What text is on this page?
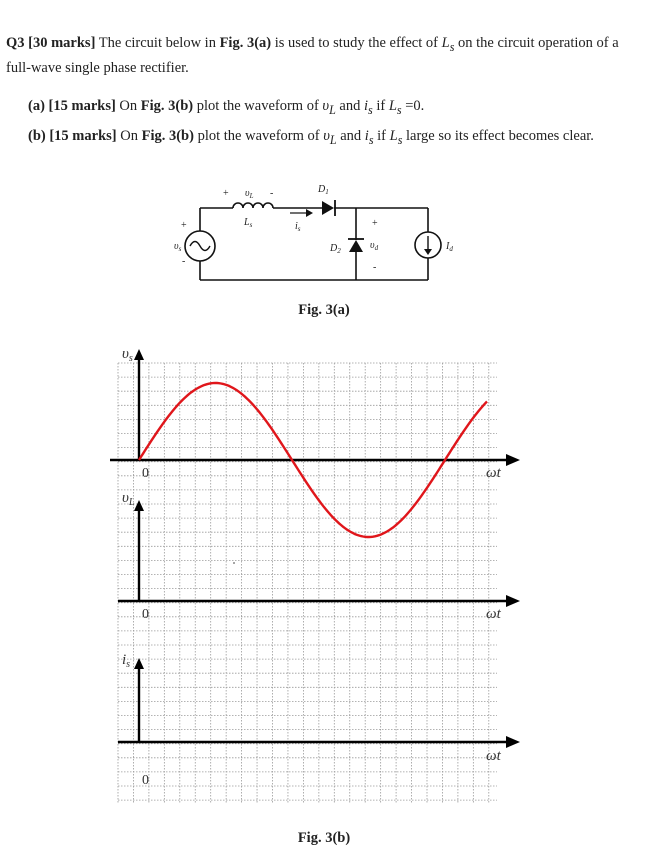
Q3 [30 marks] The circuit below in Fig. 3(a) is used to study the effect of $L_s$ on the circuit operation of a full-wave single phase rectifier.

(a) [15 marks] On Fig. 3(b) plot the waveform of $\upsilon_L$ and $i_s$ if $L_s =0$.
(b) [15 marks] On Fig. 3(b) plot the waveform of $\upsilon_L$ and $i_s$ if $L_s$ large so its effect becomes clear.
+ $\upsilon_L$ -
$L_s$	$i_s$
$D_1$
$D_2$
+
$\upsilon_s$
-
+
$\upsilon_d$
-
$I_d$
Fig. 3(a)
$\upsilon_s$
$\upsilon_L$
$i_s$
ωt
ωt
ωt
0
0
0
Fig. 3(b)
